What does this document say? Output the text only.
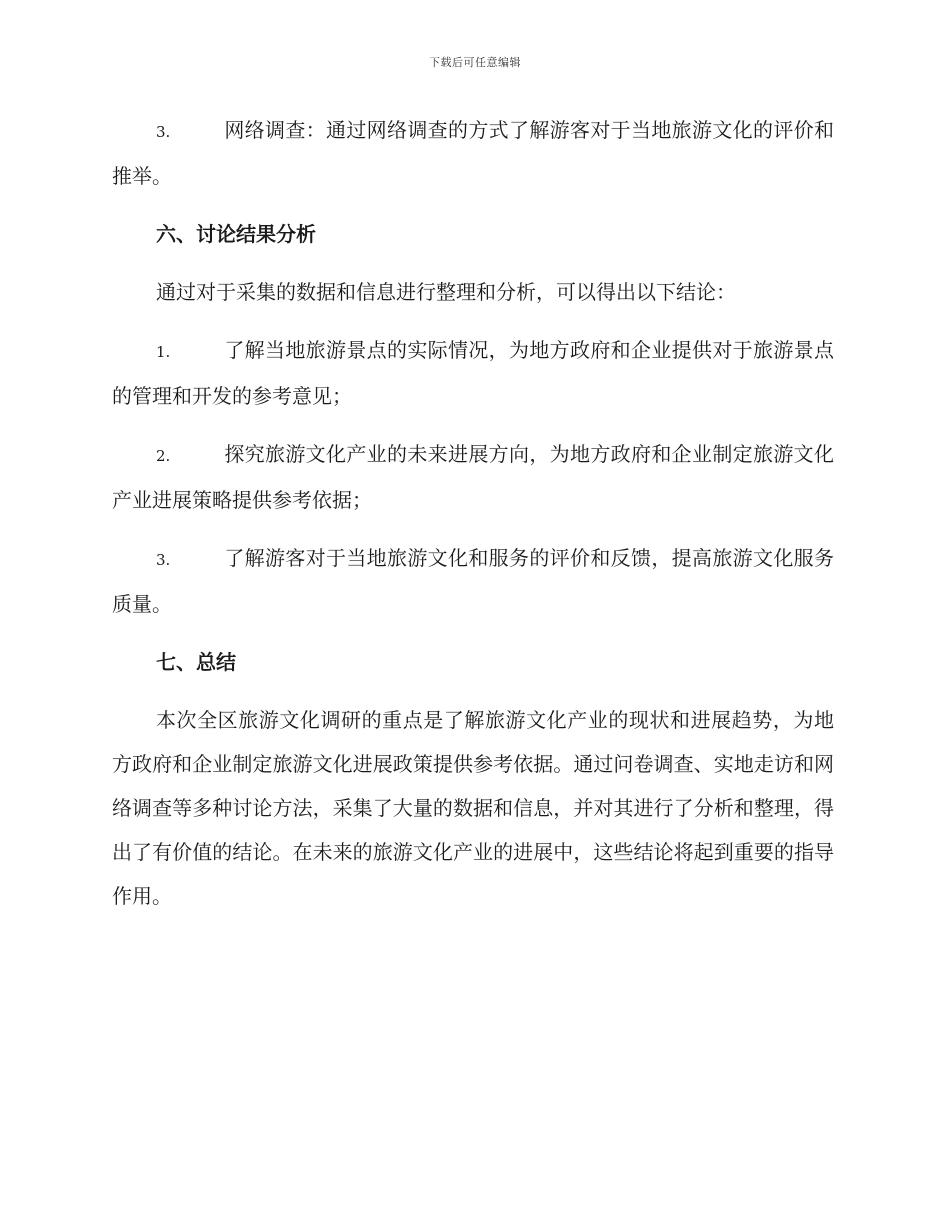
下载后可任意编辑

3.	网络调查：通过网络调查的方式了解游客对于当地旅游文化的评价和推举。

六、讨论结果分析

通过对于采集的数据和信息进行整理和分析，可以得出以下结论：

1.	了解当地旅游景点的实际情况，为地方政府和企业提供对于旅游景点的管理和开发的参考意见；

2.	探究旅游文化产业的未来进展方向，为地方政府和企业制定旅游文化产业进展策略提供参考依据；

3.	了解游客对于当地旅游文化和服务的评价和反馈，提高旅游文化服务质量。

七、总结

本次全区旅游文化调研的重点是了解旅游文化产业的现状和进展趋势，为地方政府和企业制定旅游文化进展政策提供参考依据。通过问卷调查、实地走访和网络调查等多种讨论方法，采集了大量的数据和信息，并对其进行了分析和整理，得出了有价值的结论。在未来的旅游文化产业的进展中，这些结论将起到重要的指导作用。
